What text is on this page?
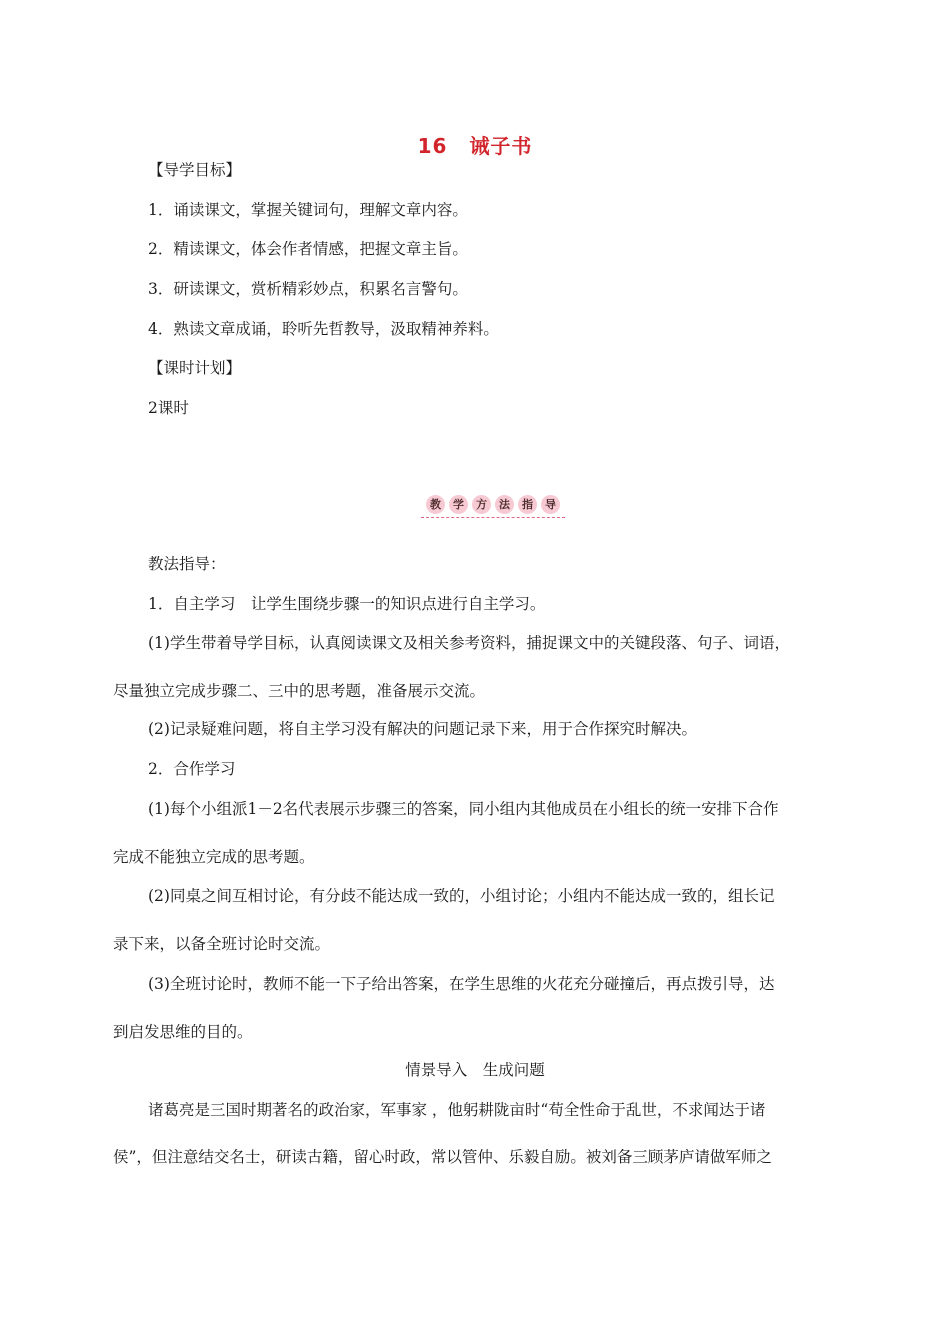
16 诫子书
【导学目标】
1．诵读课文，掌握关键词句，理解文章内容。
2．精读课文，体会作者情感，把握文章主旨。
3．研读课文，赏析精彩妙点，积累名言警句。
4．熟读文章成诵，聆听先哲教导，汲取精神养料。
【课时计划】
2课时
教	学	方	法	指	导
教法指导：
1．自主学习　让学生围绕步骤一的知识点进行自主学习。
(1)学生带着导学目标，认真阅读课文及相关参考资料，捕捉课文中的关键段落、句子、词语，
尽量独立完成步骤二、三中的思考题，准备展示交流。
(2)记录疑难问题，将自主学习没有解决的问题记录下来，用于合作探究时解决。
2．合作学习
(1)每个小组派1－2名代表展示步骤三的答案，同小组内其他成员在小组长的统一安排下合作
完成不能独立完成的思考题。
(2)同桌之间互相讨论，有分歧不能达成一致的，小组讨论；小组内不能达成一致的，组长记
录下来，以备全班讨论时交流。
(3)全班讨论时，教师不能一下子给出答案，在学生思维的火花充分碰撞后，再点拨引导，达
到启发思维的目的。
情景导入　生成问题
诸葛亮是三国时期著名的政治家，军事家 ，他躬耕陇亩时“苟全性命于乱世，不求闻达于诸
侯”，但注意结交名士，研读古籍，留心时政，常以管仲、乐毅自励。被刘备三顾茅庐请做军师之
